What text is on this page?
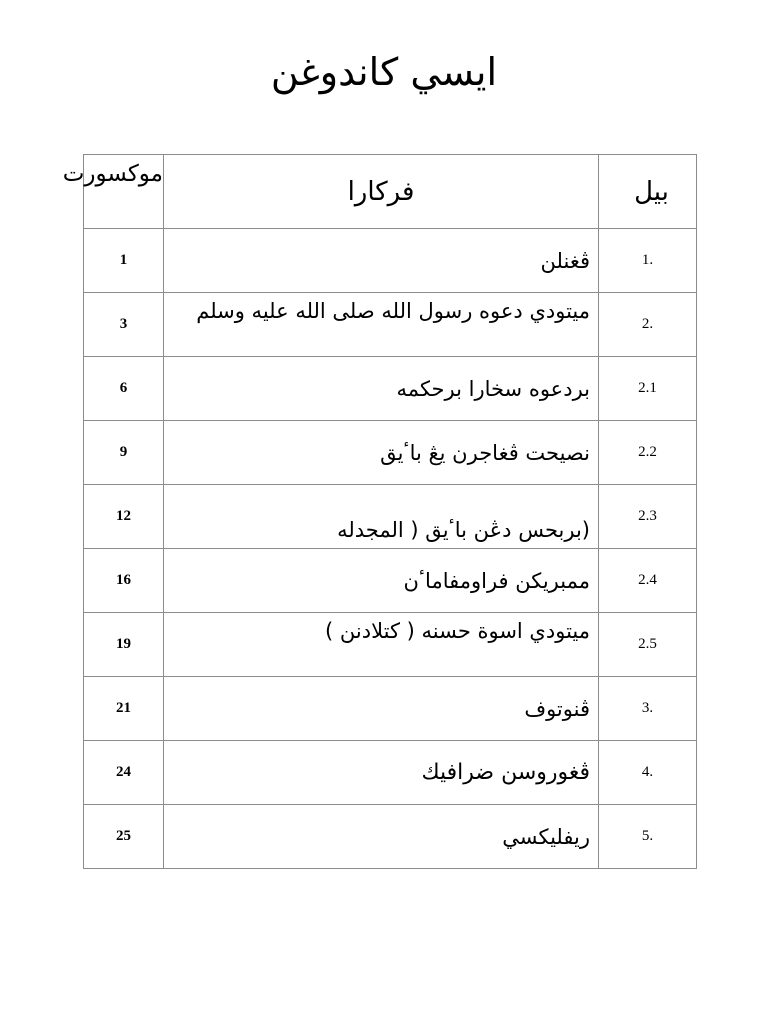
ايسي كاندوغن
بيل	فركارا	موكسورت
1.	ڤغنلن	1
2.	ميتودي دعوه رسول الله صلى الله عليه وسلم	3
2.1	بردعوه سخارا برحكمه	6
2.2	نصيحت ڤغاجرن يڠ باٴيق	9
2.3	(بربحس دڠن باٴيق ( المجدله	12
2.4	ممبريكن فراومفاماٴن	16
2.5	ميتودي اسوة حسنه ( كتلادنن )	19
3.	ڤنوتوف	21
4.	ڤغوروسن ضرافيك	24
5.	ريفليكسي	25
